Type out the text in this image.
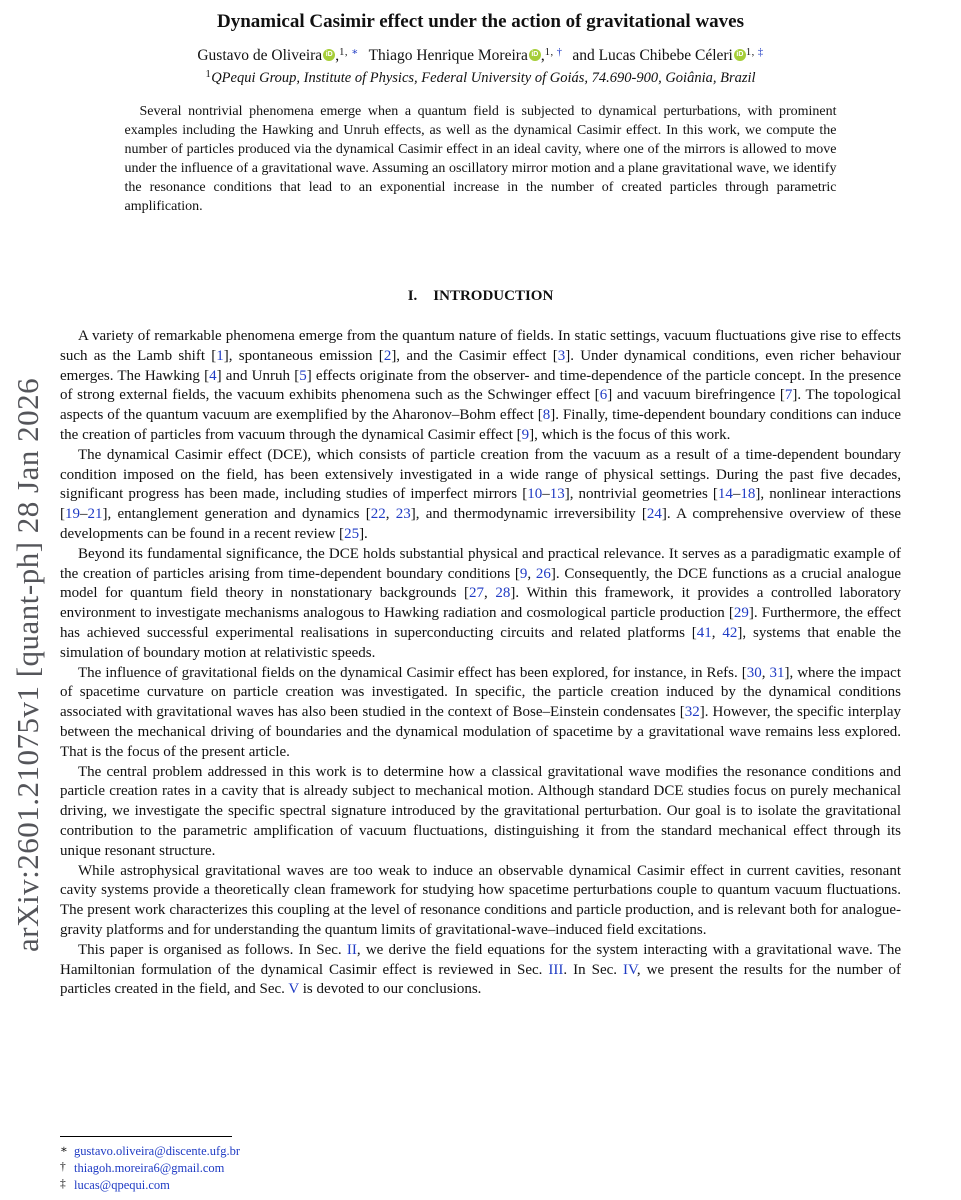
arXiv:2601.21075v1 [quant-ph] 28 Jan 2026
Dynamical Casimir effect under the action of gravitational waves
Gustavo de Oliveira iD ,$^{1, ∗}$ Thiago Henrique Moreira iD ,$^{1, \dagger}$ and Lucas Chibebe Céleri iD $^{1, \ddagger}$
$^1$QPequi Group, Institute of Physics, Federal University of Goiás, 74.690-900, Goiânia, Brazil
Several nontrivial phenomena emerge when a quantum field is subjected to dynamical perturbations, with prominent examples including the Hawking and Unruh effects, as well as the dynamical Casimir effect. In this work, we compute the number of particles produced via the dynamical Casimir effect in an ideal cavity, where one of the mirrors is allowed to move under the influence of a gravitational wave. Assuming an oscillatory mirror motion and a plane gravitational wave, we identify the resonance conditions that lead to an exponential increase in the number of created particles through parametric amplification.
I. INTRODUCTION

A variety of remarkable phenomena emerge from the quantum nature of fields. In static settings, vacuum fluctuations give rise to effects such as the Lamb shift [1], spontaneous emission [2], and the Casimir effect [3]. Under dynamical conditions, even richer behaviour emerges. The Hawking [4] and Unruh [5] effects originate from the observer- and time-dependence of the particle concept. In the presence of strong external fields, the vacuum exhibits phenomena such as the Schwinger effect [6] and vacuum birefringence [7]. The topological aspects of the quantum vacuum are exemplified by the Aharonov–Bohm effect [8]. Finally, time-dependent boundary conditions can induce the creation of particles from vacuum through the dynamical Casimir effect [9], which is the focus of this work.

The dynamical Casimir effect (DCE), which consists of particle creation from the vacuum as a result of a time-dependent boundary condition imposed on the field, has been extensively investigated in a wide range of physical settings. During the past five decades, significant progress has been made, including studies of imperfect mirrors [10–13], nontrivial geometries [14–18], nonlinear interactions [19–21], entanglement generation and dynamics [22, 23], and thermodynamic irreversibility [24]. A comprehensive overview of these developments can be found in a recent review [25].

Beyond its fundamental significance, the DCE holds substantial physical and practical relevance. It serves as a paradigmatic example of the creation of particles arising from time-dependent boundary conditions [9, 26]. Consequently, the DCE functions as a crucial analogue model for quantum field theory in nonstationary backgrounds [27, 28]. Within this framework, it provides a controlled laboratory environment to investigate mechanisms analogous to Hawking radiation and cosmological particle production [29]. Furthermore, the effect has achieved successful experimental realisations in superconducting circuits and related platforms [41, 42], systems that enable the simulation of boundary motion at relativistic speeds.

The influence of gravitational fields on the dynamical Casimir effect has been explored, for instance, in Refs. [30, 31], where the impact of spacetime curvature on particle creation was investigated. In specific, the particle creation induced by the dynamical conditions associated with gravitational waves has also been studied in the context of Bose–Einstein condensates [32]. However, the specific interplay between the mechanical driving of boundaries and the dynamical modulation of spacetime by a gravitational wave remains less explored. That is the focus of the present article.

The central problem addressed in this work is to determine how a classical gravitational wave modifies the resonance conditions and particle creation rates in a cavity that is already subject to mechanical motion. Although standard DCE studies focus on purely mechanical driving, we investigate the specific spectral signature introduced by the gravitational perturbation. Our goal is to isolate the gravitational contribution to the parametric amplification of vacuum fluctuations, distinguishing it from the standard mechanical effect through its unique resonant structure.

While astrophysical gravitational waves are too weak to induce an observable dynamical Casimir effect in current cavities, resonant cavity systems provide a theoretically clean framework for studying how spacetime perturbations couple to quantum vacuum fluctuations. The present work characterizes this coupling at the level of resonance conditions and particle production, and is relevant both for analogue-gravity platforms and for understanding the quantum limits of gravitational-wave–induced field excitations.

This paper is organised as follows. In Sec. II, we derive the field equations for the system interacting with a gravitational wave. The Hamiltonian formulation of the dynamical Casimir effect is reviewed in Sec. III. In Sec. IV, we present the results for the number of particles created in the field, and Sec. V is devoted to our conclusions.

∗ gustavo.oliveira@discente.ufg.br
† thiagoh.moreira6@gmail.com
‡ lucas@qpequi.com
